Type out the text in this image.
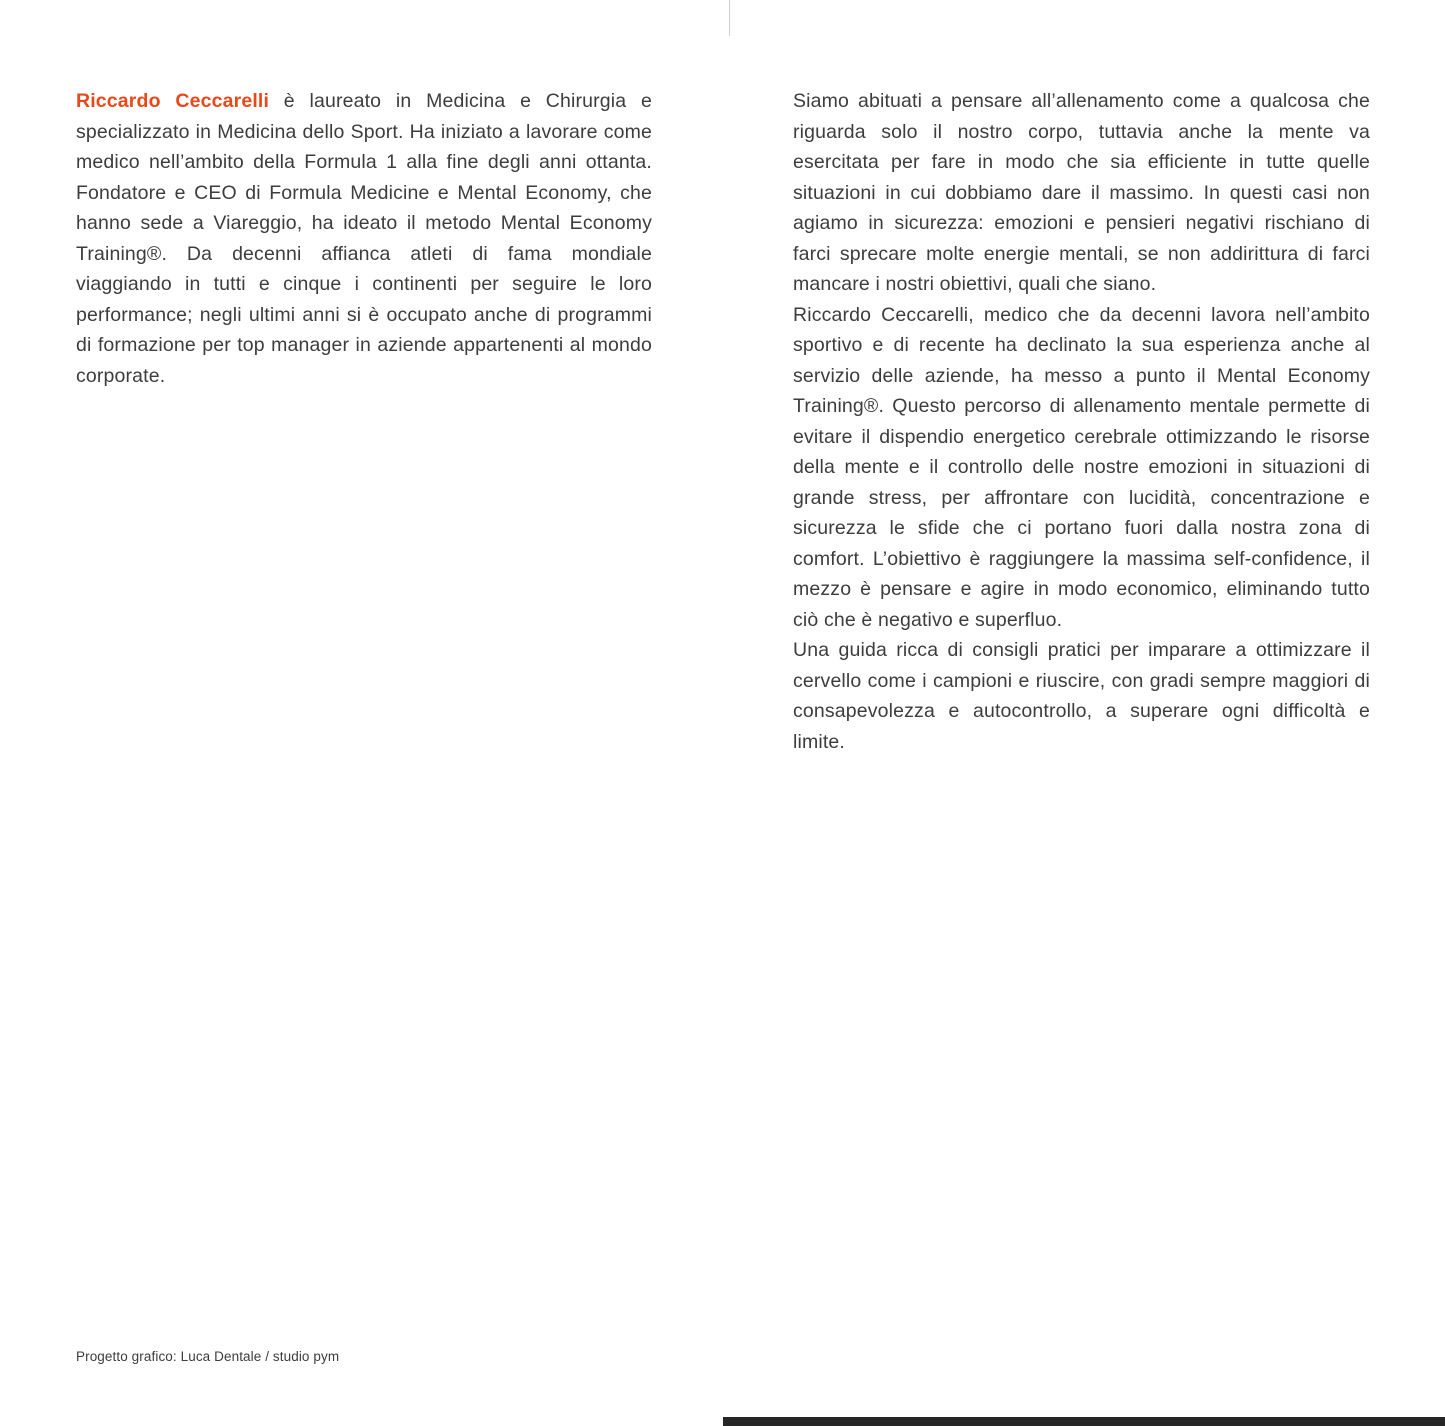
Riccardo Ceccarelli è laureato in Medicina e Chirurgia e specializzato in Medicina dello Sport. Ha iniziato a lavorare come medico nell’ambito della Formula 1 alla fine degli anni ottanta. Fondatore e CEO di Formula Medicine e Mental Economy, che hanno sede a Viareggio, ha ideato il metodo Mental Economy Training®. Da decenni affianca atleti di fama mondiale viaggiando in tutti e cinque i continenti per seguire le loro performance; negli ultimi anni si è occupato anche di programmi di formazione per top manager in aziende appartenenti al mondo corporate.

Siamo abituati a pensare all’allenamento come a qualcosa che riguarda solo il nostro corpo, tuttavia anche la mente va esercitata per fare in modo che sia efficiente in tutte quelle situazioni in cui dobbiamo dare il massimo. In questi casi non agiamo in sicurezza: emozioni e pensieri negativi rischiano di farci sprecare molte energie mentali, se non addirittura di farci mancare i nostri obiettivi, quali che siano.

Riccardo Ceccarelli, medico che da decenni lavora nell’ambito sportivo e di recente ha declinato la sua esperienza anche al servizio delle aziende, ha messo a punto il Mental Economy Training®. Questo percorso di allenamento mentale permette di evitare il dispendio energetico cerebrale ottimizzando le risorse della mente e il controllo delle nostre emozioni in situazioni di grande stress, per affrontare con lucidità, concentrazione e sicurezza le sfide che ci portano fuori dalla nostra zona di comfort. L’obiettivo è raggiungere la massima self-confidence, il mezzo è pensare e agire in modo economico, eliminando tutto ciò che è negativo e superfluo.

Una guida ricca di consigli pratici per imparare a ottimizzare il cervello come i campioni e riuscire, con gradi sempre maggiori di consapevolezza e autocontrollo, a superare ogni difficoltà e limite.

Progetto grafico: Luca Dentale / studio pym
